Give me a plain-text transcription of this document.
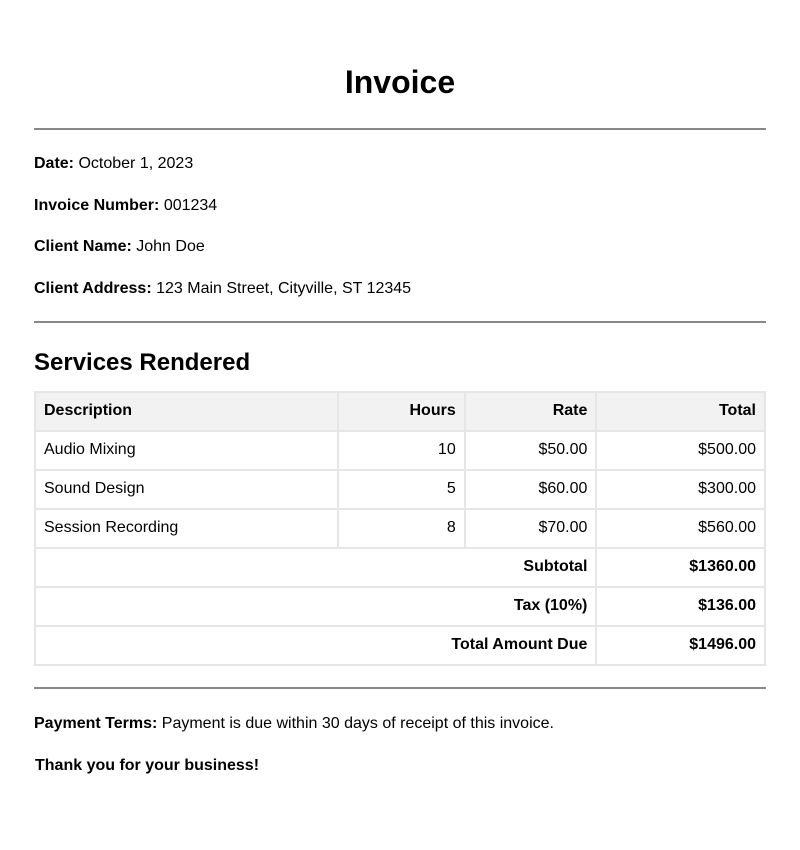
Invoice
Date: October 1, 2023
Invoice Number: 001234
Client Name: John Doe
Client Address: 123 Main Street, Cityville, ST 12345
Services Rendered
Description	Hours	Rate	Total
Audio Mixing	10	$50.00	$500.00
Sound Design	5	$60.00	$300.00
Session Recording	8	$70.00	$560.00
Subtotal			$1360.00
Tax (10%)			$136.00
Total Amount Due			$1496.00
Payment Terms: Payment is due within 30 days of receipt of this invoice.
Thank you for your business!
